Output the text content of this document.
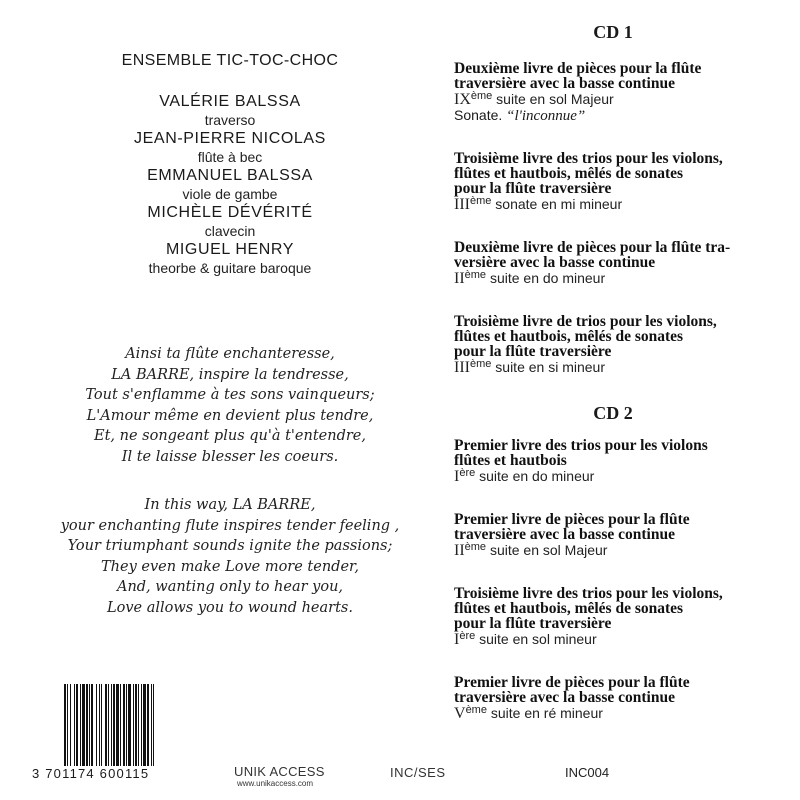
ENSEMBLE TIC-TOC-CHOC
VALÉRIE BALSSA
traverso
JEAN-PIERRE NICOLAS
flûte à bec
EMMANUEL BALSSA
viole de gambe
MICHÈLE DÉVÉRITÉ
clavecin
MIGUEL HENRY
theorbe & guitare baroque
Ainsi ta flûte enchanteresse,
LA BARRE, inspire la tendresse,
Tout s'enflamme à tes sons vainqueurs;
L'Amour même en devient plus tendre,
Et, ne songeant plus qu'à t'entendre,
Il te laisse blesser les coeurs.
In this way, LA BARRE,
your enchanting flute inspires tender feeling ,
Your triumphant sounds ignite the passions;
They even make Love more tender,
And, wanting only to hear you,
Love allows you to wound hearts.
CD 1
Deuxième livre de pièces pour la flûte
traversière avec la basse continue
IXème suite en sol Majeur
Sonate. “l'inconnue”
Troisième livre des trios pour les violons,
flûtes et hautbois, mêlés de sonates
pour la flûte traversière
IIIème sonate en mi mineur
Deuxième livre de pièces pour la flûte tra-
versière avec la basse continue
IIème suite en do mineur
Troisième livre de trios pour les violons,
flûtes et hautbois, mêlés de sonates
pour la flûte traversière
IIIème suite en si mineur
CD 2
Premier livre des trios pour les violons
flûtes et hautbois
Ière suite en do mineur
Premier livre de pièces pour la flûte
traversière avec la basse continue
IIème suite en sol Majeur
Troisième livre des trios pour les violons,
flûtes et hautbois, mêlés de sonates
pour la flûte traversière
Ière suite en sol mineur
Premier livre de pièces pour la flûte
traversière avec la basse continue
Vème suite en ré mineur
3 701174 600115	UNIK ACCESS
www.unikaccess.com
INC/SES	INC004
